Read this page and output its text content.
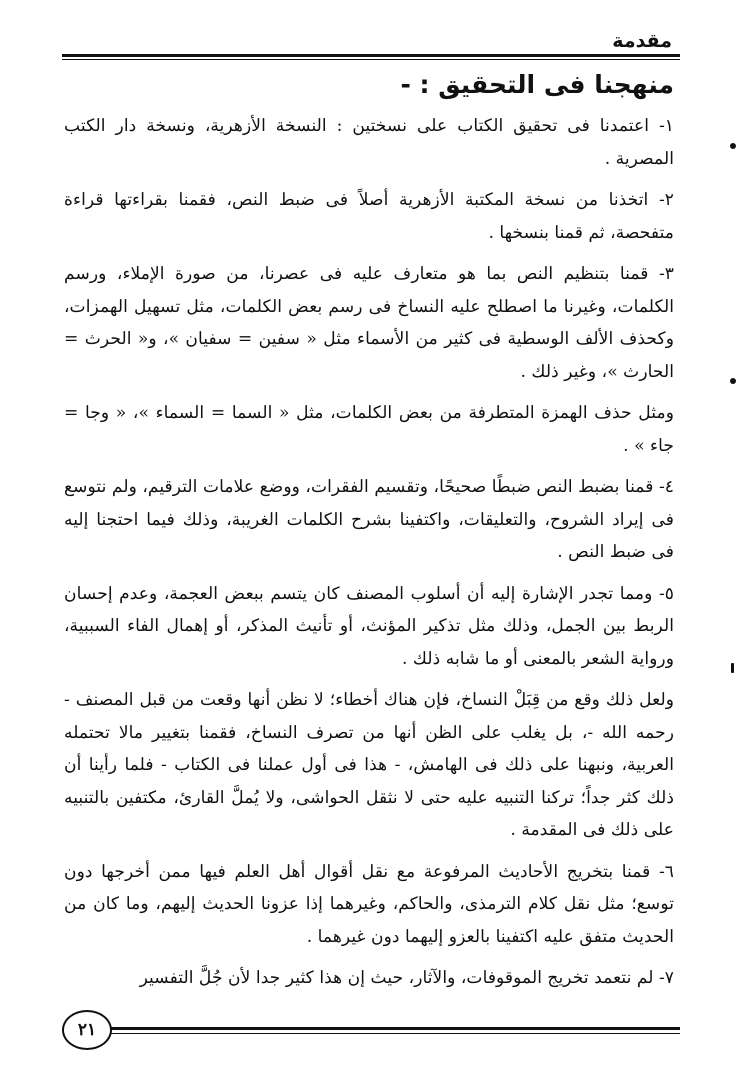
مقدمة
منهجنا فى التحقيق : -

١- اعتمدنا فى تحقيق الكتاب على نسختين : النسخة الأزهرية، ونسخة دار الكتب المصرية .

٢- اتخذنا من نسخة المكتبة الأزهرية أصلاً فى ضبط النص، فقمنا بقراءتها قراءة متفحصة، ثم قمنا بنسخها .

٣- قمنا بتنظيم النص بما هو متعارف عليه فى عصرنا، من صورة الإملاء، ورسم الكلمات، وغيرنا ما اصطلح عليه النساخ فى رسم بعض الكلمات، مثل تسهيل الهمزات، وكحذف الألف الوسطية فى كثير من الأسماء مثل « سفين = سفيان »، و« الحرث = الحارث »، وغير ذلك .

ومثل حذف الهمزة المتطرفة من بعض الكلمات، مثل « السما = السماء »، « وجا = جاء » .

٤- قمنا بضبط النص ضبطًا صحيحًا، وتقسيم الفقرات، ووضع علامات الترقيم، ولم نتوسع فى إيراد الشروح، والتعليقات، واكتفينا بشرح الكلمات الغريبة، وذلك فيما احتجنا إليه فى ضبط النص .

٥- ومما تجدر الإشارة إليه أن أسلوب المصنف كان يتسم ببعض العجمة، وعدم إحسان الربط بين الجمل، وذلك مثل تذكير المؤنث، أو تأنيث المذكر، أو إهمال الفاء السببية، ورواية الشعر بالمعنى أو ما شابه ذلك .

ولعل ذلك وقع من قِبَلْ النساخ، فإن هناك أخطاء؛ لا نظن أنها وقعت من قبل المصنف - رحمه الله -، بل يغلب على الظن أنها من تصرف النساخ، فقمنا بتغيير مالا تحتمله العربية، ونبهنا على ذلك فى الهامش، - هذا فى أول عملنا فى الكتاب - فلما رأينا أن ذلك كثر جداً؛ تركنا التنبيه عليه حتى لا نثقل الحواشى، ولا يُملَّ القارئ، مكتفين بالتنبيه على ذلك فى المقدمة .

٦- قمنا بتخريج الأحاديث المرفوعة مع نقل أقوال أهل العلم فيها ممن أخرجها دون توسع؛ مثل نقل كلام الترمذى، والحاكم، وغيرهما إذا عزونا الحديث إليهم، وما كان من الحديث متفق عليه اكتفينا بالعزو إليهما دون غيرهما .

٧- لم نتعمد تخريج الموقوفات، والآثار، حيث إن هذا كثير جدا لأن جُلَّ التفسير

٢١
